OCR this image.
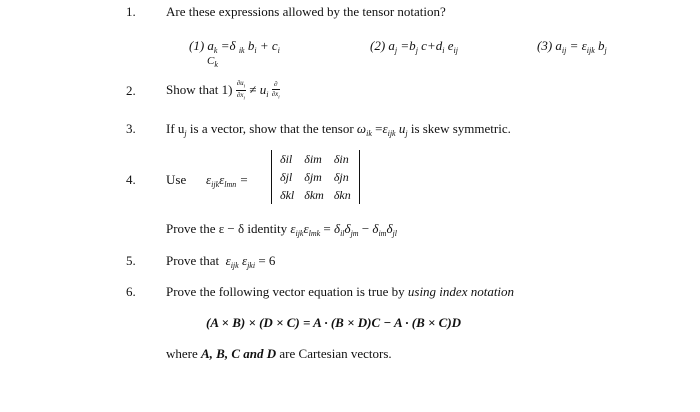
1.
2.
3.
4.
5.
6.
Are these expressions allowed by the tensor notation?
(1) $a_k =\delta$ $_{ik}$ $b_i + c_i$
$C_k$
(2) $a_j =b_j$ $c+d_i$ $e_{ij}$	(3) $a_{ij} = \varepsilon_{ijk}$ $b_j$
Show that $1) \frac{\partial u_i}{\partial x_i} \ne u_i \frac{\partial}{\partial x_i}$
If $u_j$ is a vector, show that the tensor $\omega_{ik} =\varepsilon_{ijk}$ $u_j$ is skew symmetric.
Use $\varepsilon_{ijk}\varepsilon_{lmn}$ =
δil	δim	δin
δjl	δjm	δjn
δkl	δkm	δkn
Prove the ε − δ identity $\varepsilon_{ijk}\varepsilon_{lmk} = \delta_{il}\delta_{jm} - \delta_{im}\delta_{jl}$
Prove that $\varepsilon_{ijk}$ $\varepsilon_{jki} = 6$
Prove the following vector equation is true by using index notation
(A × B) × (D × C) = A · (B × D)C − A · (B × C)D
where A, B, C and D are Cartesian vectors.
